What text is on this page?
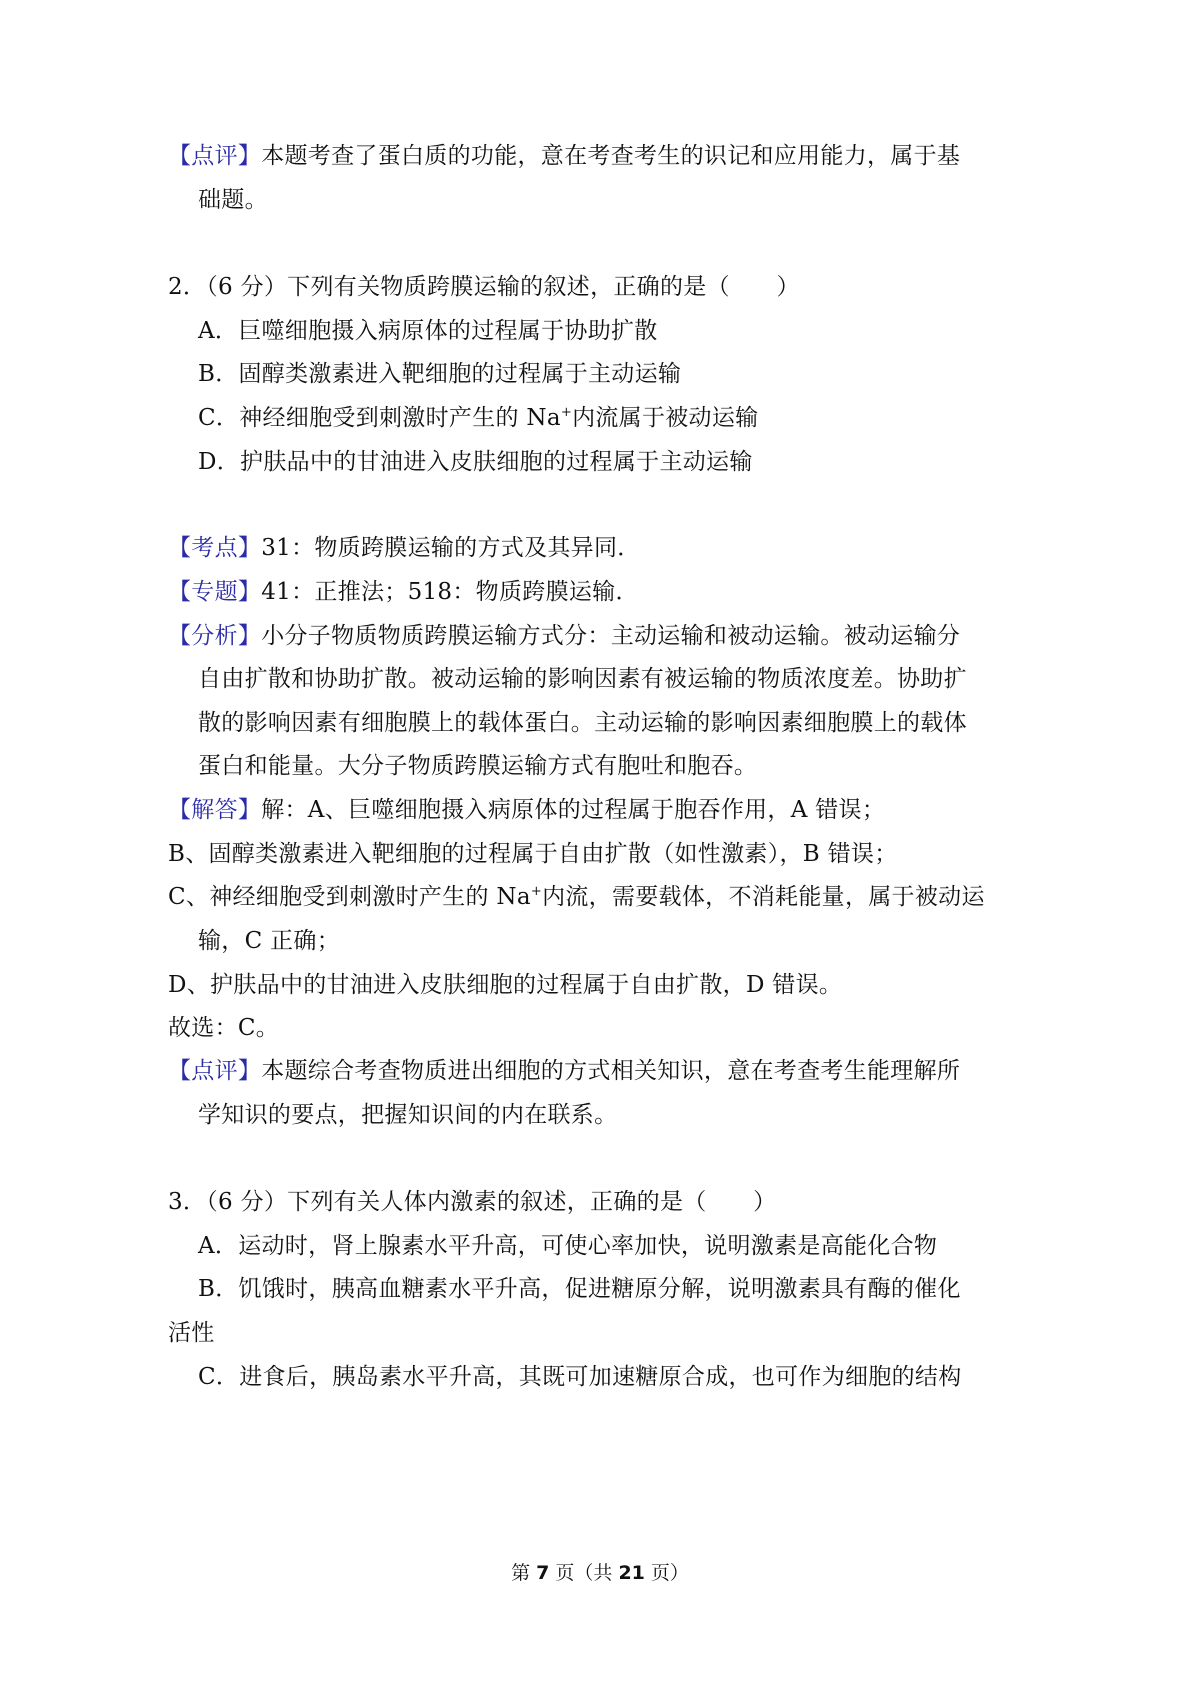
【点评】本题考查了蛋白质的功能，意在考查考生的识记和应用能力，属于基
础题。
2．（6 分）下列有关物质跨膜运输的叙述，正确的是（　　）
A．巨噬细胞摄入病原体的过程属于协助扩散
B．固醇类激素进入靶细胞的过程属于主动运输
C．神经细胞受到刺激时产生的 Na+内流属于被动运输
D．护肤品中的甘油进入皮肤细胞的过程属于主动运输
【考点】31：物质跨膜运输的方式及其异同．
【专题】41：正推法；518：物质跨膜运输．
【分析】小分子物质物质跨膜运输方式分：主动运输和被动运输。被动运输分
自由扩散和协助扩散。被动运输的影响因素有被运输的物质浓度差。协助扩
散的影响因素有细胞膜上的载体蛋白。主动运输的影响因素细胞膜上的载体
蛋白和能量。大分子物质跨膜运输方式有胞吐和胞吞。
【解答】解：A、巨噬细胞摄入病原体的过程属于胞吞作用，A 错误；
B、固醇类激素进入靶细胞的过程属于自由扩散（如性激素），B 错误；
C、神经细胞受到刺激时产生的 Na+内流，需要载体，不消耗能量，属于被动运
输，C 正确；
D、护肤品中的甘油进入皮肤细胞的过程属于自由扩散，D 错误。
故选：C。
【点评】本题综合考查物质进出细胞的方式相关知识，意在考查考生能理解所
学知识的要点，把握知识间的内在联系。
3．（6 分）下列有关人体内激素的叙述，正确的是（　　）
A．运动时，肾上腺素水平升高，可使心率加快，说明激素是高能化合物
B．饥饿时，胰高血糖素水平升高，促进糖原分解，说明激素具有酶的催化
活性
C．进食后，胰岛素水平升高，其既可加速糖原合成，也可作为细胞的结构
第 7 页（共 21 页）
